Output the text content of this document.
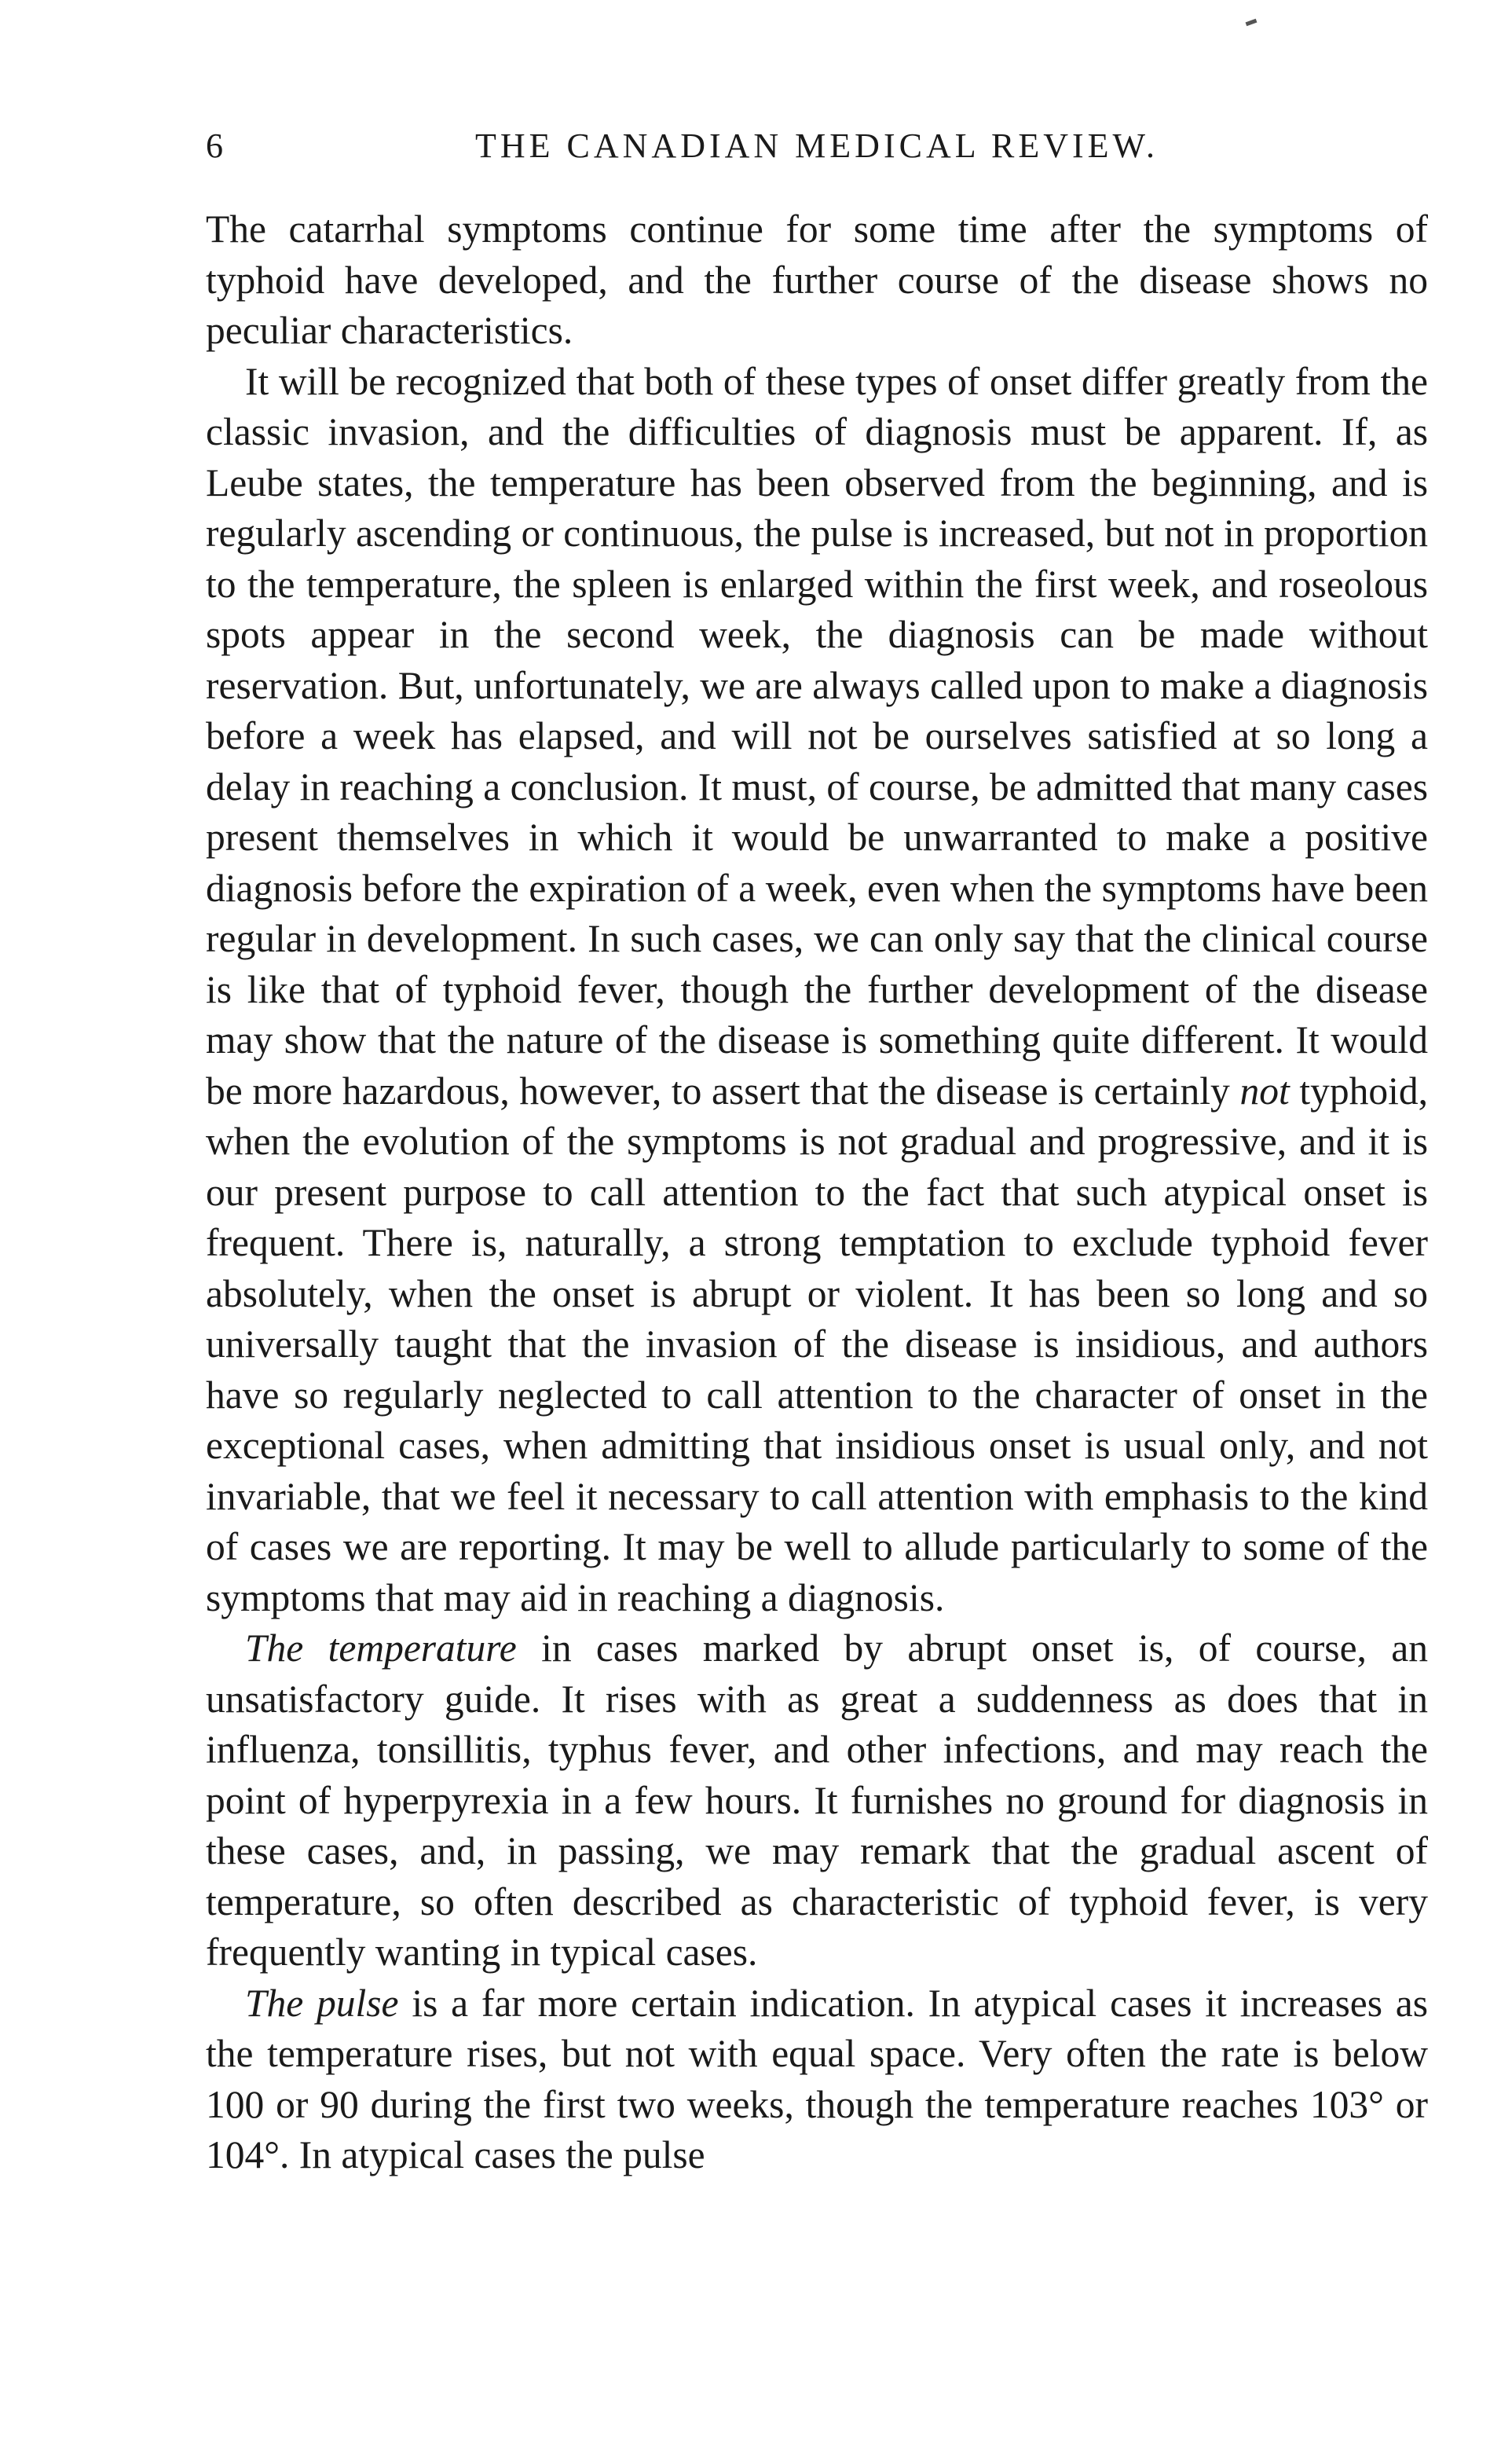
6	THE CANADIAN MEDICAL REVIEW.

The catarrhal symptoms continue for some time after the symptoms of typhoid have developed, and the further course of the disease shows no peculiar characteristics.

It will be recognized that both of these types of onset differ greatly from the classic invasion, and the difficulties of diagnosis must be apparent. If, as Leube states, the temperature has been observed from the beginning, and is regularly ascending or continuous, the pulse is increased, but not in proportion to the temperature, the spleen is enlarged within the first week, and roseolous spots appear in the second week, the diagnosis can be made without reservation. But, unfortunately, we are always called upon to make a diagnosis before a week has elapsed, and will not be ourselves satisfied at so long a delay in reaching a conclusion. It must, of course, be admitted that many cases present themselves in which it would be unwarranted to make a positive diagnosis before the expiration of a week, even when the symptoms have been regular in development. In such cases, we can only say that the clinical course is like that of typhoid fever, though the further development of the disease may show that the nature of the disease is something quite different. It would be more hazardous, however, to assert that the disease is certainly not typhoid, when the evolution of the symptoms is not gradual and progressive, and it is our present purpose to call attention to the fact that such atypical onset is frequent. There is, naturally, a strong temptation to exclude typhoid fever absolutely, when the onset is abrupt or violent. It has been so long and so universally taught that the invasion of the disease is insidious, and authors have so regularly neglected to call attention to the character of onset in the exceptional cases, when admitting that insidious onset is usual only, and not invariable, that we feel it necessary to call attention with emphasis to the kind of cases we are reporting. It may be well to allude particularly to some of the symptoms that may aid in reaching a diagnosis.

The temperature in cases marked by abrupt onset is, of course, an unsatisfactory guide. It rises with as great a suddenness as does that in influenza, tonsillitis, typhus fever, and other infections, and may reach the point of hyperpyrexia in a few hours. It furnishes no ground for diagnosis in these cases, and, in passing, we may remark that the gradual ascent of temperature, so often described as characteristic of typhoid fever, is very frequently wanting in typical cases.

The pulse is a far more certain indication. In atypical cases it increases as the temperature rises, but not with equal space. Very often the rate is below 100 or 90 during the first two weeks, though the temperature reaches 103° or 104°. In atypical cases the pulse
